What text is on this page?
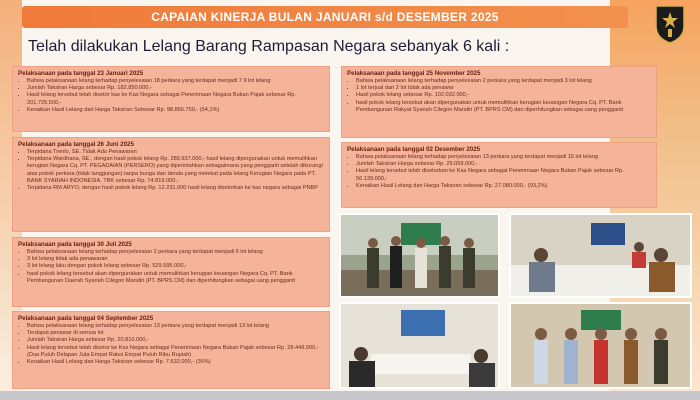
CAPAIAN KINERJA BULAN JANUARI s/d DESEMBER 2025
Telah dilakukan Lelang Barang Rampasan Negara sebanyak 6 kali :
Pelaksanaan pada tanggal 23 Januari 2025
• Bahwa pelaksanaan lelang terhadap penyelesaian 18 perkara yang terdapat menjadi 7 9 lot lelang
• Jumlah Taksiran Harga sebesar Rp. 182.850.000,-
• Hasil lelang tersebut telah disetor kas ke Kas Negara sebagai Penerimaan Negara Bukan Pajak sebesar Rp. 201.725.500,-
• Kenaikan Hasil Lelang dari Harga Taksiran Sebesar Rp. 98.866.750,- (54,1%)
Pelaksanaan pada tanggal 26 Juni 2025
• Terpidana Trenlo, SE. Tidak Ada Penawaran
• Terpidana Wardhana, SE., dengan hasil pokok lelang Rp. 289.937.000,- hasil lelang dipergunakan untuk memulihkan kerugian Negara Cq. PT. PEGADAIAN (PERSERO) yang diperintahkan sebagaimana yang pengganti setelah dikurangi atas pokok perkara (tidak langgungan) tanpa bunga dan denda yang melekat pada lelang Kerugian Negara pada PT. BANK SYARIAH INDONESIA. TBK sebesar Rp. 74.819.000,-
• Terpidana RM ARYO, dengan hasil pokok lelang Rp. 12.231.000 hasil lelang disetorkan ke kas negara sebagai PNBP
Pelaksanaan pada tanggal 30 Juli 2025
• Bahwa pelaksanaan lelang terhadap penyelesaian 2 perkara yang terdapat menjadi 6 lot lelang
• 3 lot lelang tidak ada penawaran
• 3 lot lelang laku dengan pokok lelang sebesar Rp. 529.595.000,-
• hasil pokok lelang tersebut akan dipergunakan untuk memulihkan kerugian keuangan Negara Cq. PT. Bank Pembangunan Daerah Syariah Cilegon Mandiri (PT. BPRS CM) dan diperhitungkan sebagai uang pengganti
Pelaksanaan pada tanggal 04 September 2025
• Bahwa pelaksanaan lelang terhadap penyelesaian 13 perkara yang terdapat menjadi 13 lot lelang
• Terdapat penawar di semua lot
• Jumlah Taksiran Harga sebesar Rp. 20.810.000,-
• Hasil lelang tersebut telah disetor ke Kas Negara sebagai Penerimaan Negara Bukan Pajak sebesar Rp. 28.449.000,- (Dua Puluh Delapan Juta Empat Ratus Empat Puluh Ribu Rupiah)
• Kenaikan Hasil Lelang dari Harga Taksiran sebesar Rp. 7.632.000,- (36%)
Pelaksanaan pada tanggal 25 November 2025
• Bahwa pelaksanaan lelang terhadap penyelesaian 2 perkara yang terdapat menjadi 3 lot lelang
• 1 lot terjual dan 2 lot tidak ada penawar
• Hasil pokok lelang sebesar Rp. 102.032.000,-
• hasil pokok lelang tersebut akan dipergunakan untuk memulihkan kerugian keuangan Negara Cq. PT. Bank Pembangunan Rakyat Syariah Cilegon Mandiri (PT. BPRS CM) dan diperhitungkan sebagai uang pengganti
Pelaksanaan pada tanggal 02 Desember 2025
• Bahwa pelaksanaan lelang terhadap penyelesaian 13 perkara yang terdapat menjadi 15 lot lelang
• Jumlah Taksiran Harga sebesar Rp. 29.059.000,-
• Hasil lelang tersebut telah disetorkan ke Kas Negara sebagai Penerimaan Negara Bukan Pajak sebesar Rp. 56.139.000,-
• Kenaikan Hasil Lelang dari Harga Taksiran sebesar Rp. 27.080.000,- (93,2%)
